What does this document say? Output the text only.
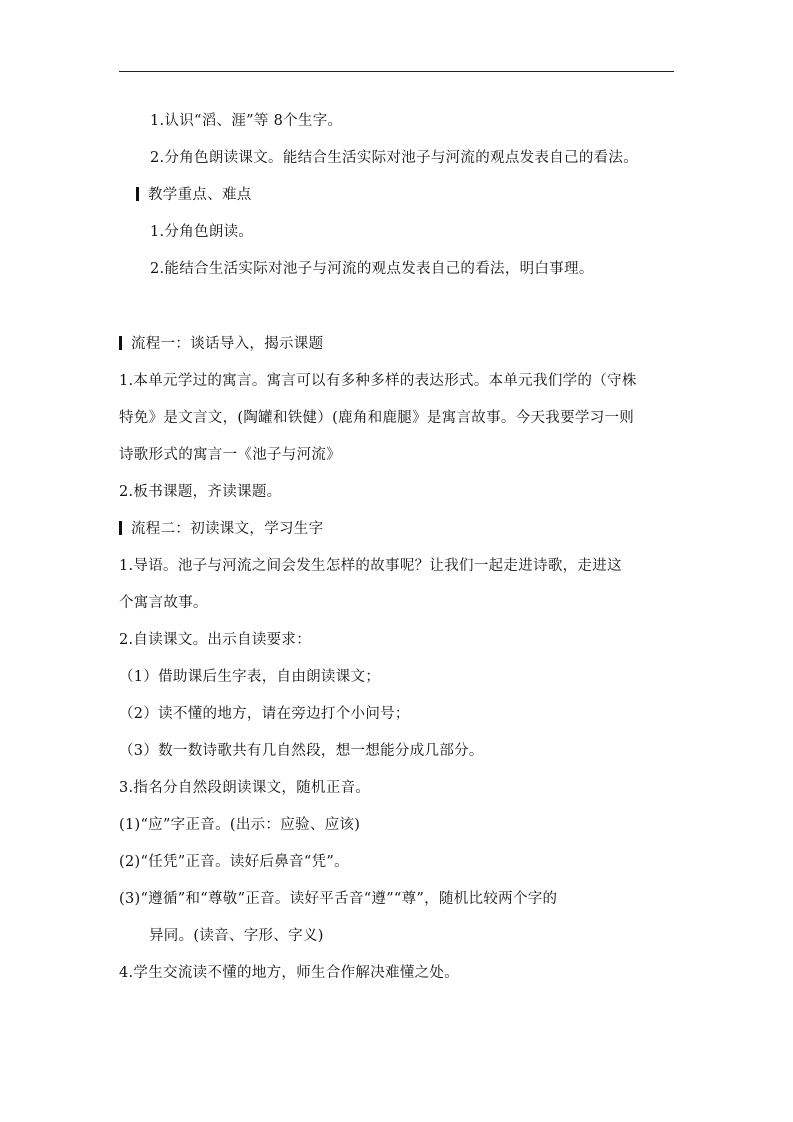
1.认识“滔、涯”等 8个生字。
2.分角色朗读课文。能结合生活实际对池子与河流的观点发表自己的看法。
教学重点、难点
1.分角色朗读。
2.能结合生活实际对池子与河流的观点发表自己的看法，明白事理。
流程一：谈话导入，揭示课题
1.本单元学过的寓言。寓言可以有多种多样的表达形式。本单元我们学的（守株
特免》是文言文，(陶罐和铁健）(鹿角和鹿腿》是寓言故事。今天我要学习一则
诗歌形式的寓言一《池子与河流》
2.板书课题，齐读课题。
流程二：初读课文，学习生字
1.导语。池子与河流之间会发生怎样的故事呢？让我们一起走进诗歌，走进这
个寓言故事。
2.自读课文。出示自读要求：
（1）借助课后生字表，自由朗读课文；
（2）读不懂的地方，请在旁边打个小问号；
（3）数一数诗歌共有几自然段，想一想能分成几部分。
3.指名分自然段朗读课文，随机正音。
(1)“应”字正音。(出示：应验、应该)
(2)“任凭”正音。读好后鼻音“凭”。
(3)“遵循”和“尊敬”正音。读好平舌音“遵”“尊”，随机比较两个字的
异同。(读音、字形、字义)
4.学生交流读不懂的地方，师生合作解决难懂之处。
